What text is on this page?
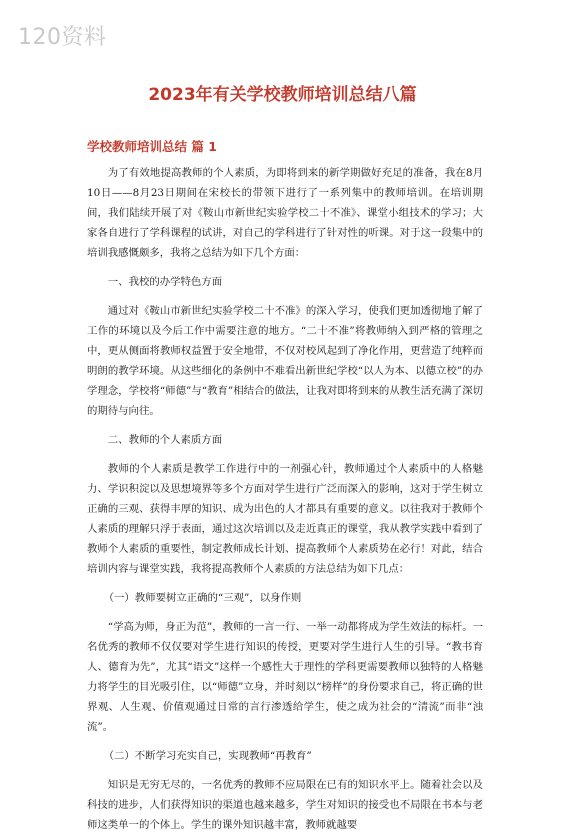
120资料
2023年有关学校教师培训总结八篇
学校教师培训总结 篇 1

为了有效地提高教师的个人素质，为即将到来的新学期做好充足的准备，我在8月10日——8月23日期间在宋校长的带领下进行了一系列集中的教师培训。在培训期间，我们陆续开展了对《鞍山市新世纪实验学校二十不准》、课堂小组技术的学习；大家各自进行了学科课程的试讲，对自己的学科进行了针对性的听课。对于这一段集中的培训我感慨颇多，我将之总结为如下几个方面：

一、我校的办学特色方面

通过对《鞍山市新世纪实验学校二十不准》的深入学习，使我们更加透彻地了解了工作的环境以及今后工作中需要注意的地方。“二十不准”将教师纳入到严格的管理之中，更从侧面将教师权益置于安全地带，不仅对校风起到了净化作用，更营造了纯粹而明朗的教学环境。从这些细化的条例中不难看出新世纪学校“以人为本、以德立校”的办学理念，学校将“师德”与“教育”相结合的做法，让我对即将到来的从教生活充满了深切的期待与向往。

二、教师的个人素质方面

教师的个人素质是教学工作进行中的一剂强心针，教师通过个人素质中的人格魅力、学识积淀以及思想境界等多个方面对学生进行广泛而深入的影响，这对于学生树立正确的三观、获得丰厚的知识、成为出色的人才都具有重要的意义。以往我对于教师个人素质的理解只浮于表面，通过这次培训以及走近真正的课堂，我从教学实践中看到了教师个人素质的重要性，制定教师成长计划、提高教师个人素质势在必行！对此，结合培训内容与课堂实践，我将提高教师个人素质的方法总结为如下几点：

（一）教师要树立正确的“三观”，以身作则

“学高为师，身正为范”，教师的一言一行、一举一动都将成为学生效法的标杆。一名优秀的教师不仅仅要对学生进行知识的传授，更要对学生进行人生的引导。“教书育人、德育为先”，尤其“语文”这样一个感性大于理性的学科更需要教师以独特的人格魅力将学生的目光吸引住，以“师德”立身，并时刻以“榜样”的身份要求自己，将正确的世界观、人生观、价值观通过日常的言行渗透给学生，使之成为社会的“清流”而非“浊流”。

（二）不断学习充实自己，实现教师“再教育”

知识是无穷无尽的，一名优秀的教师不应局限在已有的知识水平上。随着社会以及科技的进步，人们获得知识的渠道也越来越多，学生对知识的接受也不局限在书本与老师这类单一的个体上。学生的课外知识越丰富，教师就越要
